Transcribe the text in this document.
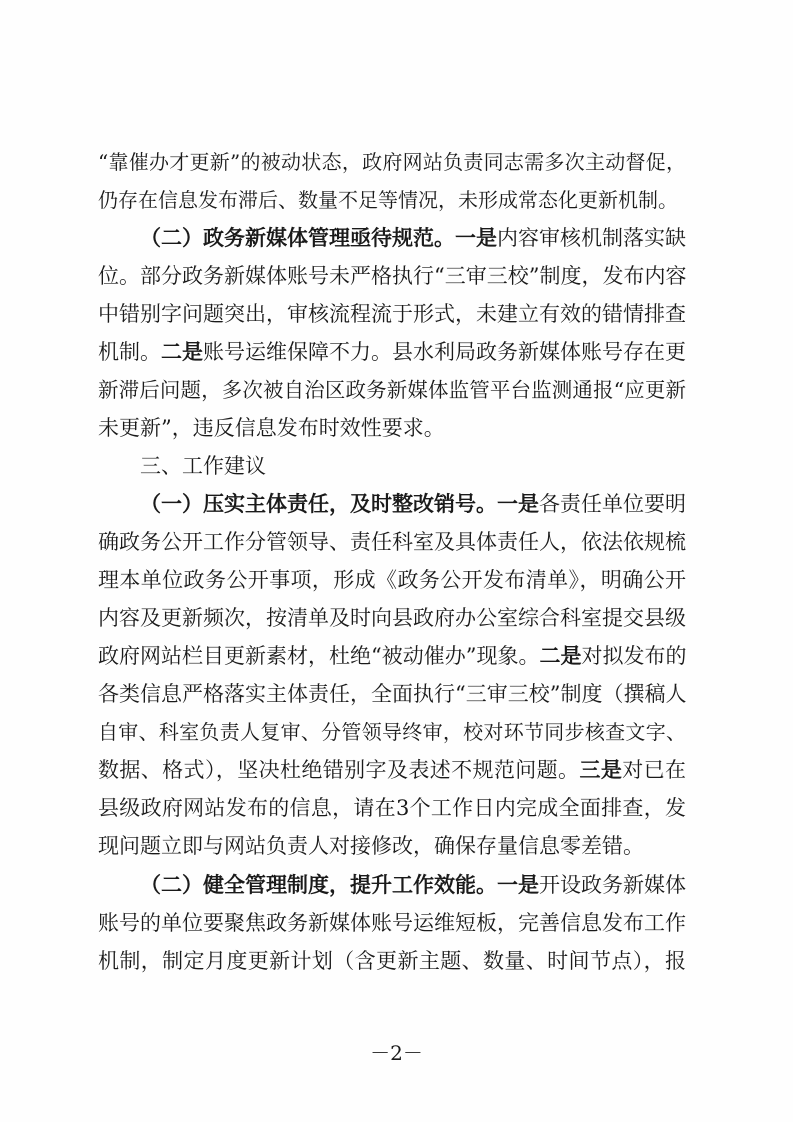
“靠催办才更新”的被动状态，政府网站负责同志需多次主动督促，
仍存在信息发布滞后、数量不足等情况，未形成常态化更新机制。
（二）政务新媒体管理亟待规范。一是内容审核机制落实缺
位。部分政务新媒体账号未严格执行“三审三校”制度，发布内容
中错别字问题突出，审核流程流于形式，未建立有效的错情排查
机制。二是账号运维保障不力。县水利局政务新媒体账号存在更
新滞后问题，多次被自治区政务新媒体监管平台监测通报“应更新
未更新”，违反信息发布时效性要求。
三、工作建议
（一）压实主体责任，及时整改销号。一是各责任单位要明
确政务公开工作分管领导、责任科室及具体责任人，依法依规梳
理本单位政务公开事项，形成《政务公开发布清单》，明确公开
内容及更新频次，按清单及时向县政府办公室综合科室提交县级
政府网站栏目更新素材，杜绝“被动催办”现象。二是对拟发布的
各类信息严格落实主体责任，全面执行“三审三校”制度（撰稿人
自审、科室负责人复审、分管领导终审，校对环节同步核查文字、
数据、格式），坚决杜绝错别字及表述不规范问题。三是对已在
县级政府网站发布的信息，请在3个工作日内完成全面排查，发
现问题立即与网站负责人对接修改，确保存量信息零差错。
（二）健全管理制度，提升工作效能。一是开设政务新媒体
账号的单位要聚焦政务新媒体账号运维短板，完善信息发布工作
机制，制定月度更新计划（含更新主题、数量、时间节点），报
－2－
